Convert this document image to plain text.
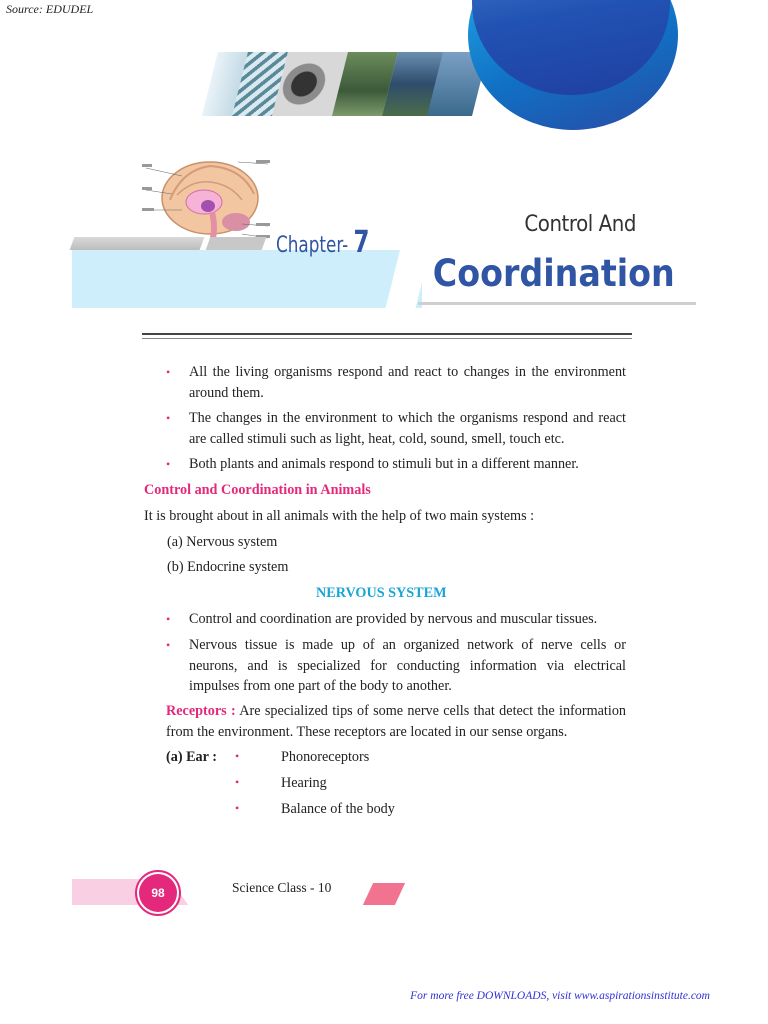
Source: EDUDEL
Chapter- 7
Control And
Coordination
• All the living organisms respond and react to changes in the environment around them.
• The changes in the environment to which the organisms respond and react are called stimuli such as light, heat, cold, sound, smell, touch etc.
• Both plants and animals respond to stimuli but in a different manner.
Control and Coordination in Animals
It is brought about in all animals with the help of two main systems :
(a) Nervous system
(b) Endocrine system
NERVOUS SYSTEM
• Control and coordination are provided by nervous and muscular tissues.
• Nervous tissue is made up of an organized network of nerve cells or neurons, and is specialized for conducting information via electrical impulses from one part of the body to another.
Receptors : Are specialized tips of some nerve cells that detect the information from the environment. These receptors are located in our sense organs.
(a) Ear : •	Phonoreceptors
•	Hearing
•	Balance of the body
98	Science Class - 10
For more free DOWNLOADS, visit www.aspirationsinstitute.com
